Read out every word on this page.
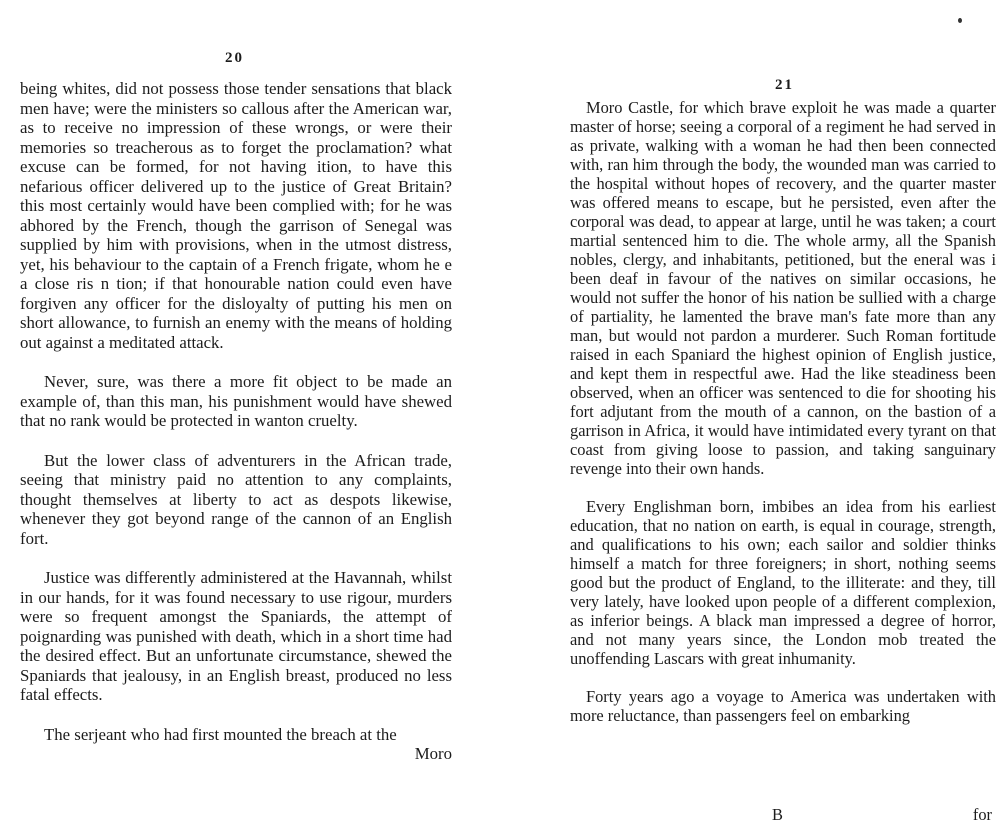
20

being whites, did not possess those tender sensations that black men have; were the ministers so callous after the American war, as to receive no impression of these wrongs, or were their memories so treacherous as to forget the proclamation? what excuse can be formed, for not having ition, to have this nefarious officer delivered up to the justice of Great Britain? this most certainly would have been complied with; for he was abhored by the French, though the garrison of Senegal was supplied by him with provisions, when in the utmost distress, yet, his behaviour to the captain of a French frigate, whom he e a close ris n tion; if that honourable nation could even have forgiven any officer for the disloyalty of putting his men on short allowance, to furnish an enemy with the means of holding out against a meditated attack.

Never, sure, was there a more fit object to be made an example of, than this man, his punishment would have shewed that no rank would be protected in wanton cruelty.

But the lower class of adventurers in the African trade, seeing that ministry paid no attention to any complaints, thought themselves at liberty to act as despots likewise, whenever they got beyond range of the cannon of an English fort.

Justice was differently administered at the Havannah, whilst in our hands, for it was found necessary to use rigour, murders were so frequent amongst the Spaniards, the attempt of poignarding was punished with death, which in a short time had the desired effect. But an unfortunate circumstance, shewed the Spaniards that jealousy, in an English breast, produced no less fatal effects.

The serjeant who had first mounted the breach at the

Moro

21

Moro Castle, for which brave exploit he was made a quarter master of horse; seeing a corporal of a regiment he had served in as private, walking with a woman he had then been connected with, ran him through the body, the wounded man was carried to the hospital without hopes of recovery, and the quarter master was offered means to escape, but he persisted, even after the corporal was dead, to appear at large, until he was taken; a court martial sentenced him to die. The whole army, all the Spanish nobles, clergy, and inhabitants, petitioned, but the eneral was i been deaf in favour of the natives on similar occasions, he would not suffer the honor of his nation be sullied with a charge of partiality, he lamented the brave man's fate more than any man, but would not pardon a murderer. Such Roman fortitude raised in each Spaniard the highest opinion of English justice, and kept them in respectful awe. Had the like steadiness been observed, when an officer was sentenced to die for shooting his fort adjutant from the mouth of a cannon, on the bastion of a garrison in Africa, it would have intimidated every tyrant on that coast from giving loose to passion, and taking sanguinary revenge into their own hands.

Every Englishman born, imbibes an idea from his earliest education, that no nation on earth, is equal in courage, strength, and qualifications to his own; each sailor and soldier thinks himself a match for three foreigners; in short, nothing seems good but the product of England, to the illiterate: and they, till very lately, have looked upon people of a different complexion, as inferior beings. A black man impressed a degree of horror, and not many years since, the London mob treated the unoffending Lascars with great inhumanity.

Forty years ago a voyage to America was undertaken with more reluctance, than passengers feel on embarking

B	for
